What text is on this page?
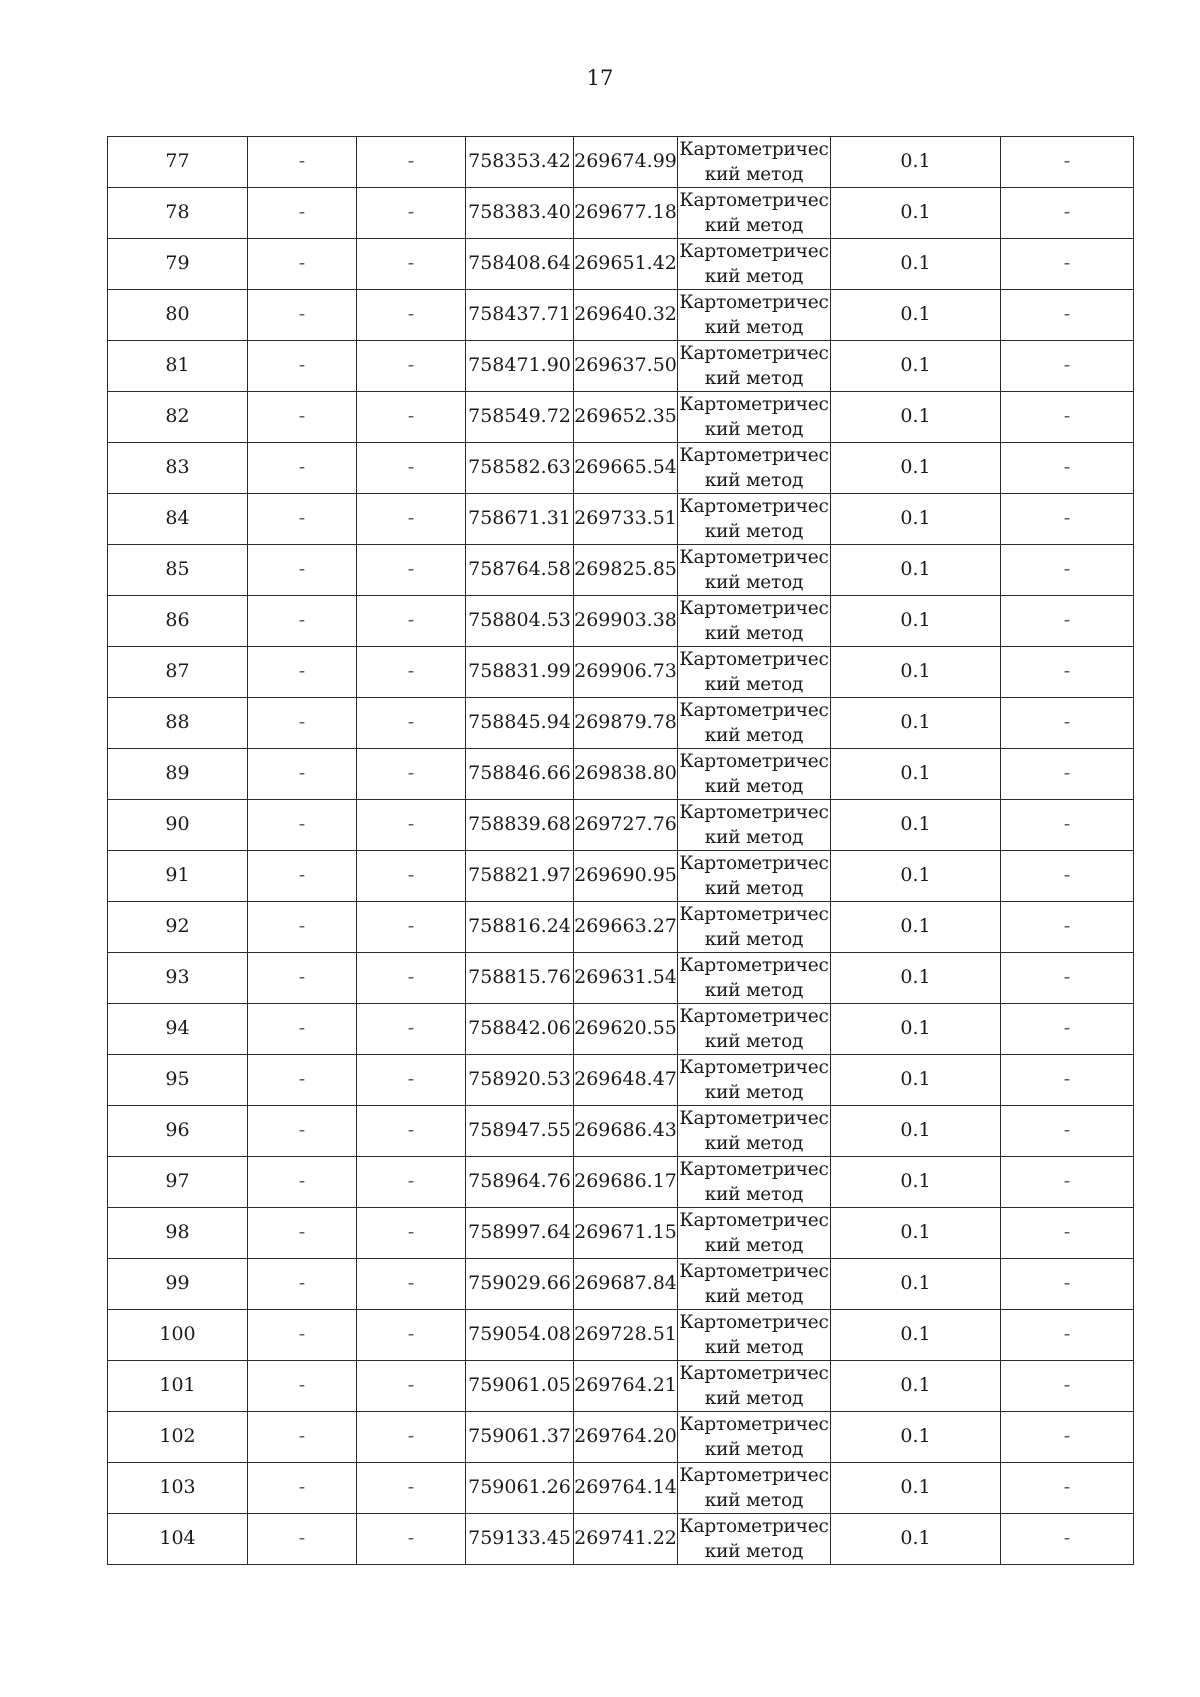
17
77	-	-	758353.42	269674.99	Картометричес кий метод	0.1	-
78	-	-	758383.40	269677.18	Картометричес кий метод	0.1	-
79	-	-	758408.64	269651.42	Картометричес кий метод	0.1	-
80	-	-	758437.71	269640.32	Картометричес кий метод	0.1	-
81	-	-	758471.90	269637.50	Картометричес кий метод	0.1	-
82	-	-	758549.72	269652.35	Картометричес кий метод	0.1	-
83	-	-	758582.63	269665.54	Картометричес кий метод	0.1	-
84	-	-	758671.31	269733.51	Картометричес кий метод	0.1	-
85	-	-	758764.58	269825.85	Картометричес кий метод	0.1	-
86	-	-	758804.53	269903.38	Картометричес кий метод	0.1	-
87	-	-	758831.99	269906.73	Картометричес кий метод	0.1	-
88	-	-	758845.94	269879.78	Картометричес кий метод	0.1	-
89	-	-	758846.66	269838.80	Картометричес кий метод	0.1	-
90	-	-	758839.68	269727.76	Картометричес кий метод	0.1	-
91	-	-	758821.97	269690.95	Картометричес кий метод	0.1	-
92	-	-	758816.24	269663.27	Картометричес кий метод	0.1	-
93	-	-	758815.76	269631.54	Картометричес кий метод	0.1	-
94	-	-	758842.06	269620.55	Картометричес кий метод	0.1	-
95	-	-	758920.53	269648.47	Картометричес кий метод	0.1	-
96	-	-	758947.55	269686.43	Картометричес кий метод	0.1	-
97	-	-	758964.76	269686.17	Картометричес кий метод	0.1	-
98	-	-	758997.64	269671.15	Картометричес кий метод	0.1	-
99	-	-	759029.66	269687.84	Картометричес кий метод	0.1	-
100	-	-	759054.08	269728.51	Картометричес кий метод	0.1	-
101	-	-	759061.05	269764.21	Картометричес кий метод	0.1	-
102	-	-	759061.37	269764.20	Картометричес кий метод	0.1	-
103	-	-	759061.26	269764.14	Картометричес кий метод	0.1	-
104	-	-	759133.45	269741.22	Картометричес кий метод	0.1	-
